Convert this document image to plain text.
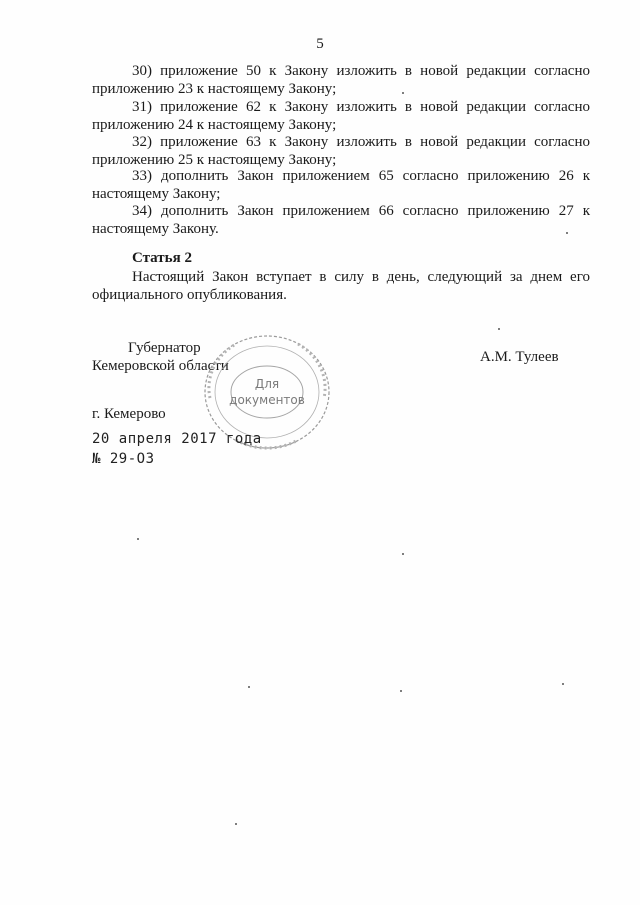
5
30) приложение 50 к Закону изложить в новой редакции согласно приложению 23 к настоящему Закону;
31) приложение 62 к Закону изложить в новой редакции согласно приложению 24 к настоящему Закону;
32) приложение 63 к Закону изложить в новой редакции согласно приложению 25 к настоящему Закону;
33) дополнить Закон приложением 65 согласно приложению 26 к настоящему Закону;
34) дополнить Закон приложением 66 согласно приложению 27 к настоящему Закону.
Статья 2
Настоящий Закон вступает в силу в день, следующий за днем его официального опубликования.
Губернатор
Кемеровской области
А.М. Тулеев
Для
документов
г. Кемерово
20 апреля 2017 года
№ 29-ОЗ
